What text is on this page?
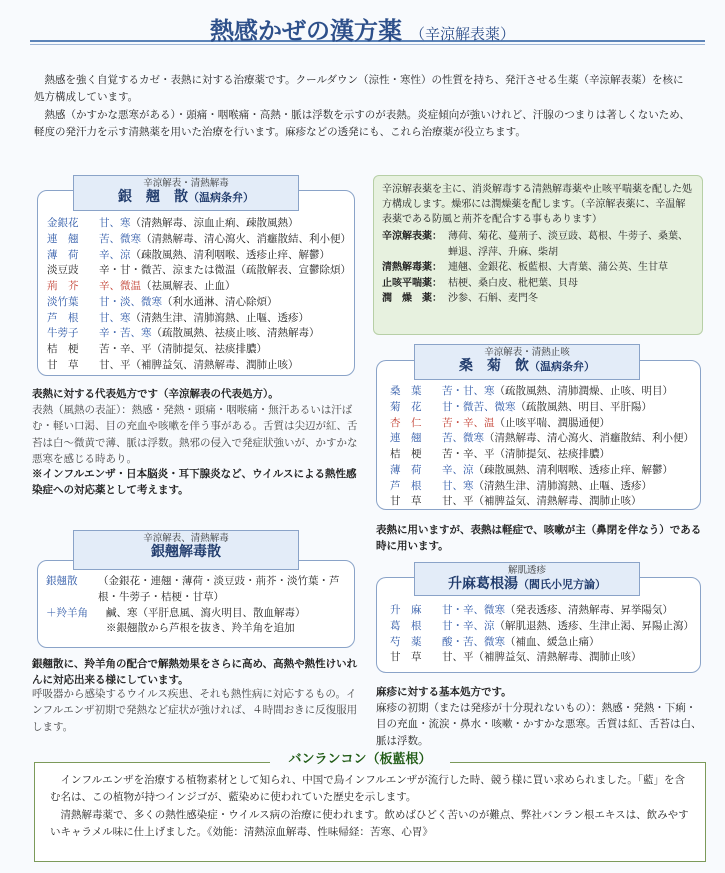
熱感かぜの漢方薬 （辛涼解表薬）

熱感を強く自覚するカゼ・表熱に対する治療薬です。クールダウン（涼性・寒性）の性質を持ち、発汗させる生薬（辛涼解表薬）を核に処方構成しています。

熱感（かすかな悪寒がある）・頭痛・咽喉痛・高熱・脈は浮数を示すのが表熱。炎症傾向が強いけれど、汗腺のつまりは著しくないため、軽度の発汗力を示す清熱薬を用いた治療を行います。麻疹などの透発にも、これら治療薬が役立ちます。

辛涼解表・清熱解毒
銀　翹　散（温病条弁）
金銀花	甘、寒 （清熱解毒、涼血止痢、疎散風熱）
連　翹	苦、微寒 （清熱解毒、清心瀉火、消癰散結、利小便）
薄　荷	辛、涼 （疎散風熱、清利咽喉、透疹止痒、解鬱）
淡豆豉	辛・甘・微苦、涼または微温 （疏散解表、宣鬱除煩）
荊　芥	辛、微温 （祛風解表、止血）
淡竹葉	甘・淡、微寒 （利水通淋、清心除煩）
芦　根	甘、寒 （清熱生津、清肺瀉熱、止嘔、透疹）
牛蒡子	辛・苦、寒 （疏散風熱、祛痰止咳、清熱解毒）
桔　梗	苦・辛、平 （清肺提気、祛痰排膿）
甘　草	甘、平 （補脾益気、清熱解毒、潤肺止咳）
表熱に対する代表処方です（辛涼解表の代表処方）。
表熱（風熱の表証）：熱感・発熱・頭痛・咽喉痛・無汗あるいは汗ばむ・軽い口渇、目の充血や咳嗽を伴う事がある。舌質は尖辺が紅、舌苔は白～微黄で薄、脈は浮数。熱邪の侵入で発症狀強いが、かすかな悪寒を感じる時あり。
※インフルエンザ・日本脳炎・耳下腺炎など、ウイルスによる熱性感染症への対応薬として考えます。
辛涼解表薬を主に、消炎解毒する清熱解毒薬や止咳平喘薬を配した処方構成します。燥邪には潤燥薬を配します。（辛涼解表薬に、辛温解表薬である防風と荊芥を配合する事もあります）
辛涼解表薬： 薄荷、菊花、蔓荊子、淡豆豉、葛根、牛蒡子、桑葉、蝉退、浮萍、升麻、柴胡
清熱解毒薬： 連翹、金銀花、板藍根、大青葉、蒲公英、生甘草
止咳平喘薬： 桔梗、桑白皮、枇杷葉、貝母
潤　燥　薬： 沙参、石斛、麦門冬
辛涼解表・清熱止咳
桑　菊　飲（温病条弁）
桑　葉	苦・甘、寒 （疏散風熱、清肺潤燥、止咳、明目）
菊　花	甘・微苦、微寒 （疏散風熱、明目、平肝陽）
杏　仁	苦・辛、温 （止咳平喘、潤腸通便）
連　翹	苦、微寒 （清熱解毒、清心瀉火、消癰散結、利小便）
桔　梗	苦・辛、平 （清肺提気、祛痰排膿）
薄　荷	辛、涼 （疎散風熱、清利咽喉、透疹止痒、解鬱）
芦　根	甘、寒 （清熱生津、清肺瀉熱、止嘔、透疹）
甘　草	甘、平 （補脾益気、清熱解毒、潤肺止咳）
表熱に用いますが、表熱は軽症で、咳嗽が主（鼻閉を伴なう）である時に用います。
辛涼解表、清熱解毒
銀翹解毒散
銀翹散	（金銀花・連翹・薄荷・淡豆豉・荊芥・淡竹葉・芦根・牛蒡子・桔梗・甘草）
＋羚羊角	鹹、寒（平肝息風、瀉火明目、散血解毒）
※銀翹散から芦根を抜き、羚羊角を追加
銀翹散に、羚羊角の配合で解熱効果をさらに高め、高熱や熱性けいれんに対応出来る様にしています。
呼吸器から感染するウイルス疾患、それも熱性病に対応するもの。インフルエンザ初期で発熱など症状が強ければ、４時間おきに反復服用します。
解肌透疹
升麻葛根湯（閻氏小児方論）
升　麻	甘・辛、微寒 （発表透疹、清熱解毒、昇挙陽気）
葛　根	甘・辛、涼 （解肌退熱、透疹、生津止渇、昇陽止瀉）
芍　薬	酸・苦、微寒 （補血、緩急止痛）
甘　草	甘、平 （補脾益気、清熱解毒、潤肺止咳）
麻疹に対する基本処方です。
麻疹の初期（または発疹が十分現れないもの）：熱感・発熱・下痢・目の充血・流涙・鼻水・咳嗽・かすかな悪寒。舌質は紅、舌苔は白、脈は浮数。
バンランコン（板藍根）

インフルエンザを治療する植物素材として知られ、中国で鳥インフルエンザが流行した時、競う様に買い求められました。「藍」を含む名は、この植物が持つインジゴが、藍染めに使われていた歴史を示します。

清熱解毒薬で、多くの熱性感染症・ウイルス病の治療に使われます。飲めばひどく苦いのが難点、弊社バンラン根エキスは、飲みやすいキャラメル味に仕上げました。《効能：清熱涼血解毒、性味帰経：苦寒、心胃》
